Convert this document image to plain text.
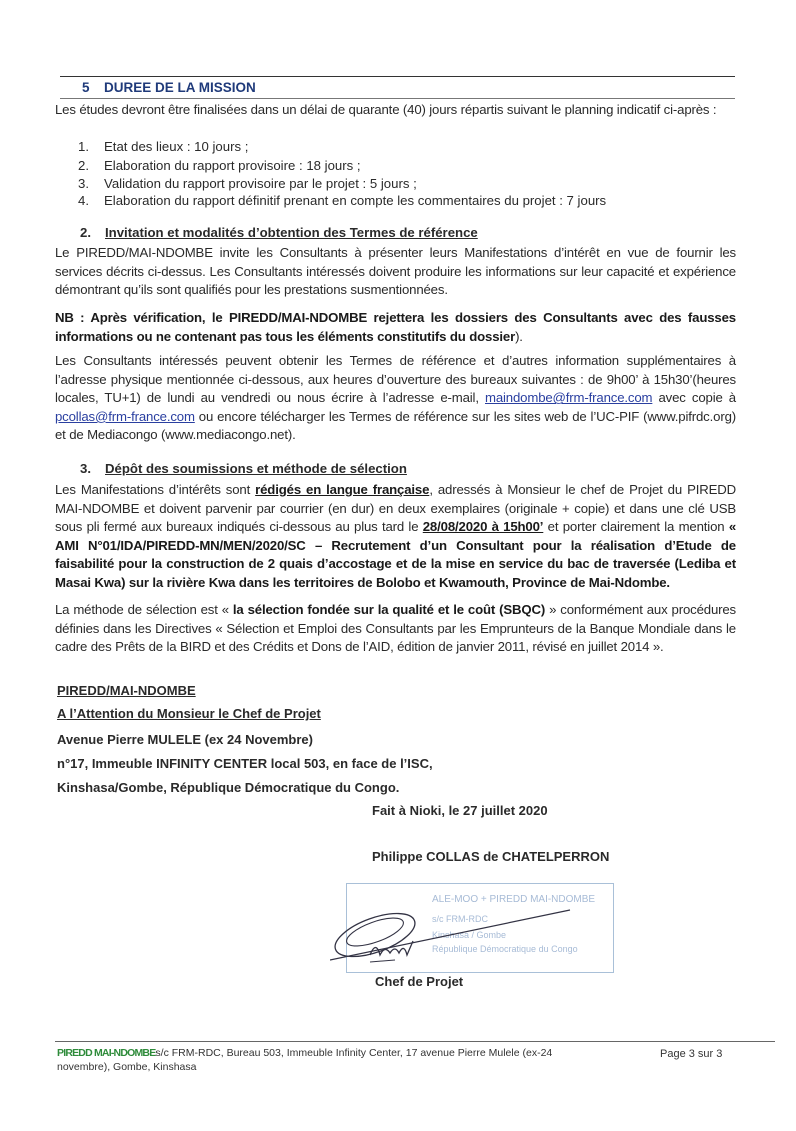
5 DUREE DE LA MISSION
Les études devront être finalisées dans un délai de quarante (40) jours répartis suivant le planning indicatif ci-après :
1. Etat des lieux : 10 jours ;
2. Elaboration du rapport provisoire : 18 jours ;
3. Validation du rapport provisoire par le projet : 5 jours ;
4. Elaboration du rapport définitif prenant en compte les commentaires du projet : 7 jours
2. Invitation et modalités d’obtention des Termes de référence
Le PIREDD/MAI-NDOMBE invite les Consultants à présenter leurs Manifestations d’intérêt en vue de fournir les services décrits ci-dessus. Les Consultants intéressés doivent produire les informations sur leur capacité et expérience démontrant qu’ils sont qualifiés pour les prestations susmentionnées.
NB : Après vérification, le PIREDD/MAI-NDOMBE rejettera les dossiers des Consultants avec des fausses informations ou ne contenant pas tous les éléments constitutifs du dossier).
Les Consultants intéressés peuvent obtenir les Termes de référence et d’autres information supplémentaires à l’adresse physique mentionnée ci-dessous, aux heures d’ouverture des bureaux suivantes : de 9h00’ à 15h30’(heures locales, TU+1) de lundi au vendredi ou nous écrire à l’adresse e-mail, maindombe@frm-france.com avec copie à pcollas@frm-france.com ou encore télécharger les Termes de référence sur les sites web de l’UC-PIF (www.pifrdc.org) et de Mediacongo (www.mediacongo.net).
3. Dépôt des soumissions et méthode de sélection
Les Manifestations d’intérêts sont rédigés en langue française, adressés à Monsieur le chef de Projet du PIREDD MAI-NDOMBE et doivent parvenir par courrier (en dur) en deux exemplaires (originale + copie) et dans une clé USB sous pli fermé aux bureaux indiqués ci-dessous au plus tard le 28/08/2020 à 15h00’ et porter clairement la mention « AMI N°01/IDA/PIREDD-MN/MEN/2020/SC – Recrutement d’un Consultant pour la réalisation d’Etude de faisabilité pour la construction de 2 quais d’accostage et de la mise en service du bac de traversée (Lediba et Masai Kwa) sur la rivière Kwa dans les territoires de Bolobo et Kwamouth, Province de Mai-Ndombe.
La méthode de sélection est « la sélection fondée sur la qualité et le coût (SBQC) » conformément aux procédures définies dans les Directives « Sélection et Emploi des Consultants par les Emprunteurs de la Banque Mondiale dans le cadre des Prêts de la BIRD et des Crédits et Dons de l’AID, édition de janvier 2011, révisé en juillet 2014 ».
PIREDD/MAI-NDOMBE
A l’Attention du Monsieur le Chef de Projet
Avenue Pierre MULELE (ex 24 Novembre)
n°17, Immeuble INFINITY CENTER local 503, en face de l’ISC,
Kinshasa/Gombe, République Démocratique du Congo.
Fait à Nioki, le 27 juillet 2020
Philippe COLLAS de CHATELPERRON
ALE-MOO + PIREDD MAI-NDOMBE
s/c FRM-RDC
Kinshasa / Gombe
République Démocratique du Congo
Chef de Projet
PIREDD MAI-NDOMBEs/c FRM-RDC, Bureau 503, Immeuble Infinity Center, 17 avenue Pierre Mulele (ex-24 novembre), Gombe, Kinshasa
Page 3 sur 3
